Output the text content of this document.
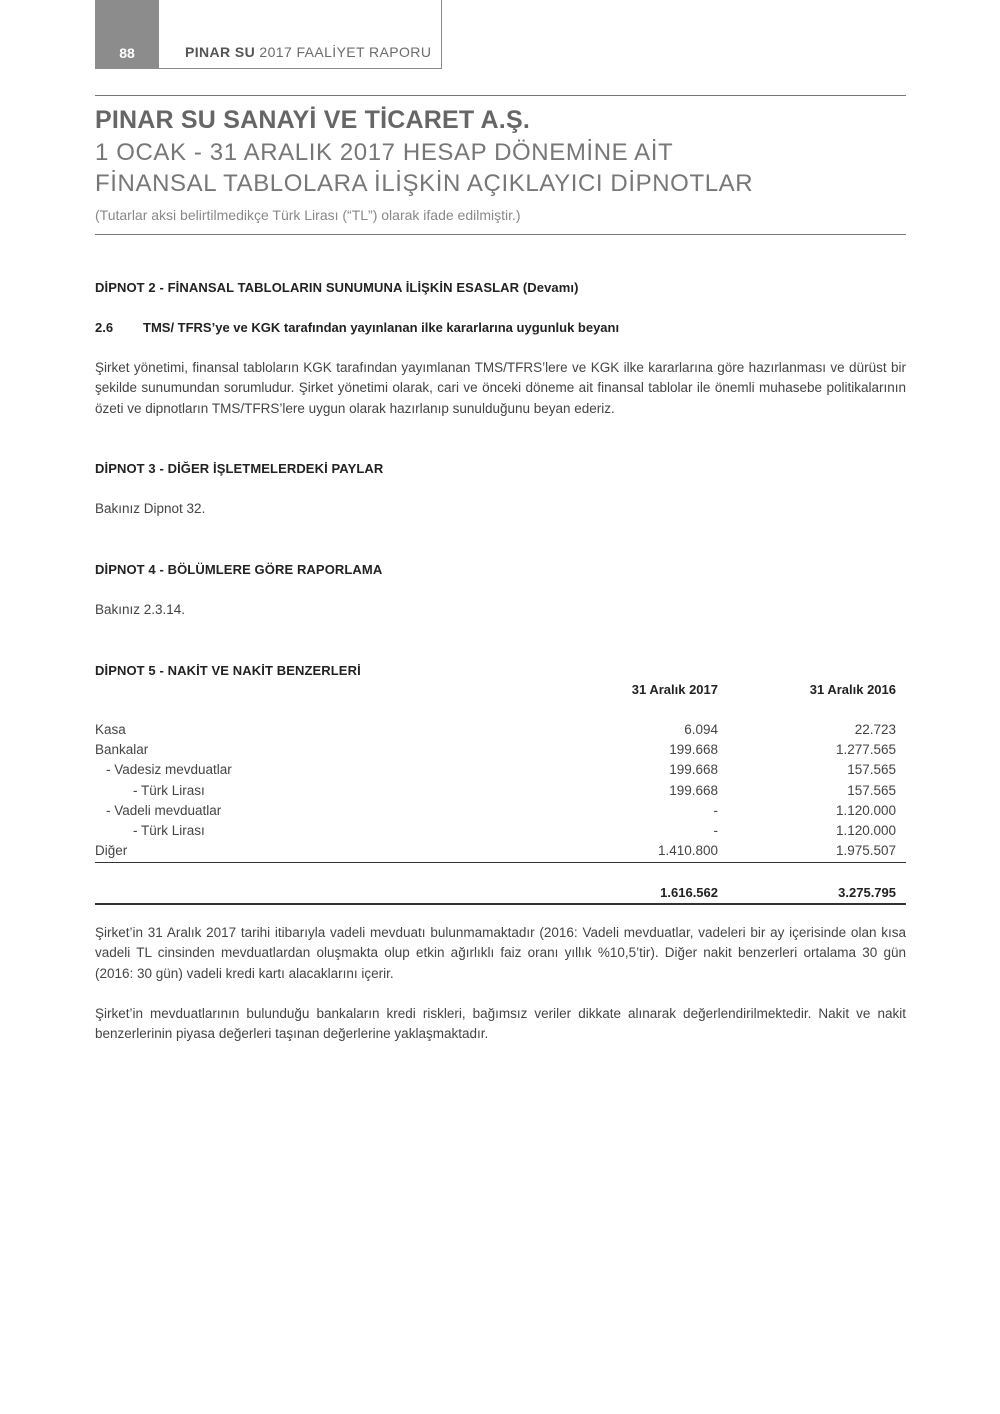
88	PINAR SU 2017 FAALİYET RAPORU
PINAR SU SANAYİ VE TİCARET A.Ş.
1 OCAK - 31 ARALIK 2017 HESAP DÖNEMİNE AİT
FİNANSAL TABLOLARA İLİŞKİN AÇIKLAYICI DİPNOTLAR
(Tutarlar aksi belirtilmedikçe Türk Lirası (“TL”) olarak ifade edilmiştir.)
DİPNOT 2 - FİNANSAL TABLOLARIN SUNUMUNA İLİŞKİN ESASLAR (Devamı)
2.6 TMS/ TFRS’ye ve KGK tarafından yayınlanan ilke kararlarına uygunluk beyanı
Şirket yönetimi, finansal tabloların KGK tarafından yayımlanan TMS/TFRS’lere ve KGK ilke kararlarına göre hazırlanması ve dürüst bir şekilde sunumundan sorumludur. Şirket yönetimi olarak, cari ve önceki döneme ait finansal tablolar ile önemli muhasebe politikalarının özeti ve dipnotların TMS/TFRS’lere uygun olarak hazırlanıp sunulduğunu beyan ederiz.
DİPNOT 3 - DİĞER İŞLETMELERDEKİ PAYLAR
Bakınız Dipnot 32.
DİPNOT 4 - BÖLÜMLERE GÖRE RAPORLAMA
Bakınız 2.3.14.
DİPNOT 5 - NAKİT VE NAKİT BENZERLERİ
31 Aralık 2017	31 Aralık 2016
Kasa	6.094	22.723
Bankalar	199.668	1.277.565
- Vadesiz mevduatlar	199.668	157.565
- Türk Lirası	199.668	157.565
- Vadeli mevduatlar	-	1.120.000
- Türk Lirası	-	1.120.000
Diğer	1.410.800	1.975.507
1.616.562	3.275.795
Şirket’in 31 Aralık 2017 tarihi itibarıyla vadeli mevduatı bulunmamaktadır (2016: Vadeli mevduatlar, vadeleri bir ay içerisinde olan kısa vadeli TL cinsinden mevduatlardan oluşmakta olup etkin ağırlıklı faiz oranı yıllık %10,5’tir). Diğer nakit benzerleri ortalama 30 gün (2016: 30 gün) vadeli kredi kartı alacaklarını içerir.
Şirket’in mevduatlarının bulunduğu bankaların kredi riskleri, bağımsız veriler dikkate alınarak değerlendirilmektedir. Nakit ve nakit benzerlerinin piyasa değerleri taşınan değerlerine yaklaşmaktadır.
